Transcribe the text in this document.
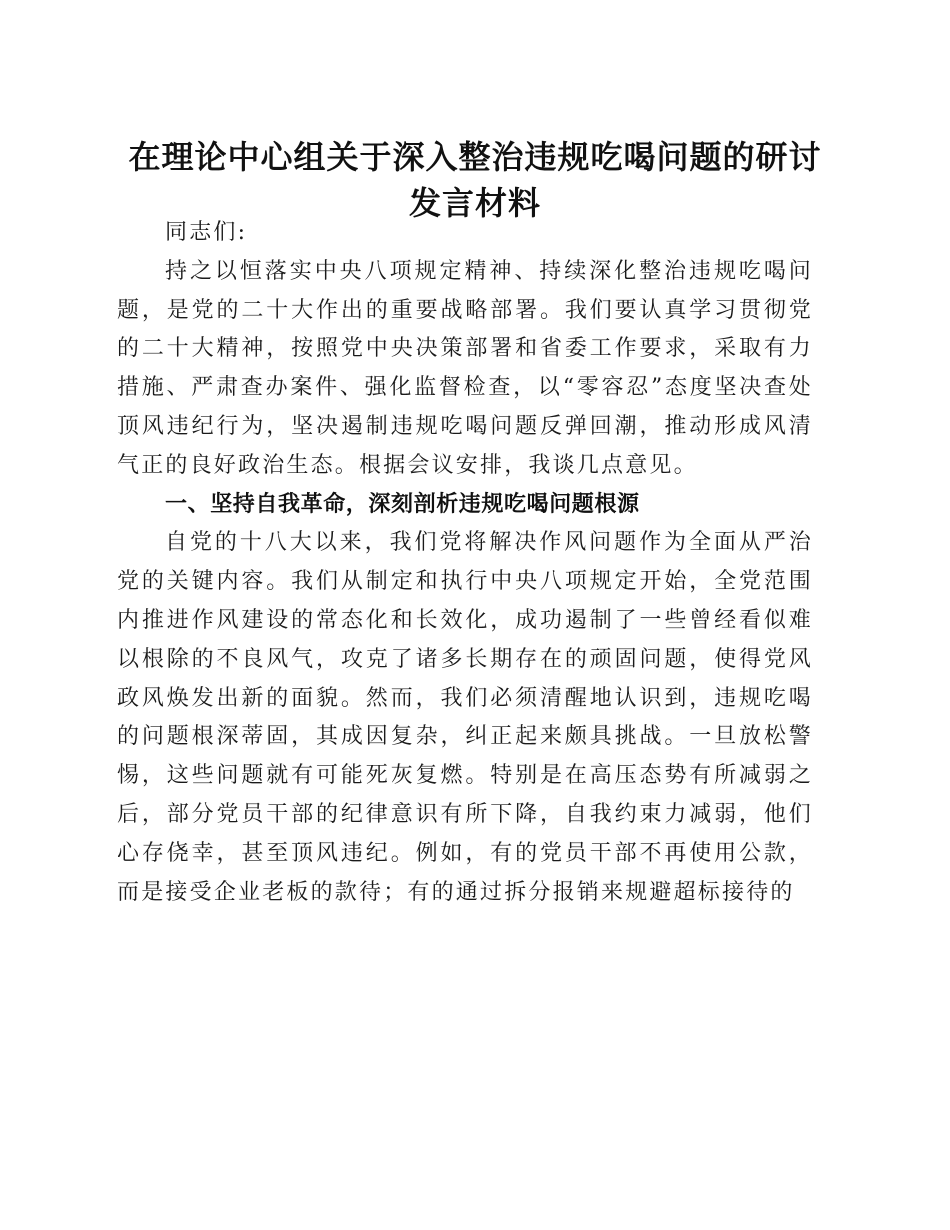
在理论中心组关于深入整治违规吃喝问题的研讨发言材料

同志们:

持之以恒落实中央八项规定精神、持续深化整治违规吃喝问题，是党的二十大作出的重要战略部署。我们要认真学习贯彻党的二十大精神，按照党中央决策部署和省委工作要求，采取有力措施、严肃查办案件、强化监督检查，以“零容忍”态度坚决查处顶风违纪行为，坚决遏制违规吃喝问题反弹回潮，推动形成风清气正的良好政治生态。根据会议安排，我谈几点意见。

一、坚持自我革命，深刻剖析违规吃喝问题根源

自党的十八大以来，我们党将解决作风问题作为全面从严治党的关键内容。我们从制定和执行中央八项规定开始，全党范围内推进作风建设的常态化和长效化，成功遏制了一些曾经看似难以根除的不良风气，攻克了诸多长期存在的顽固问题，使得党风政风焕发出新的面貌。然而，我们必须清醒地认识到，违规吃喝的问题根深蒂固，其成因复杂，纠正起来颇具挑战。一旦放松警惕，这些问题就有可能死灰复燃。特别是在高压态势有所减弱之后，部分党员干部的纪律意识有所下降，自我约束力减弱，他们心存侥幸，甚至顶风违纪。例如，有的党员干部不再使用公款，而是接受企业老板的款待；有的通过拆分报销来规避超标接待的
